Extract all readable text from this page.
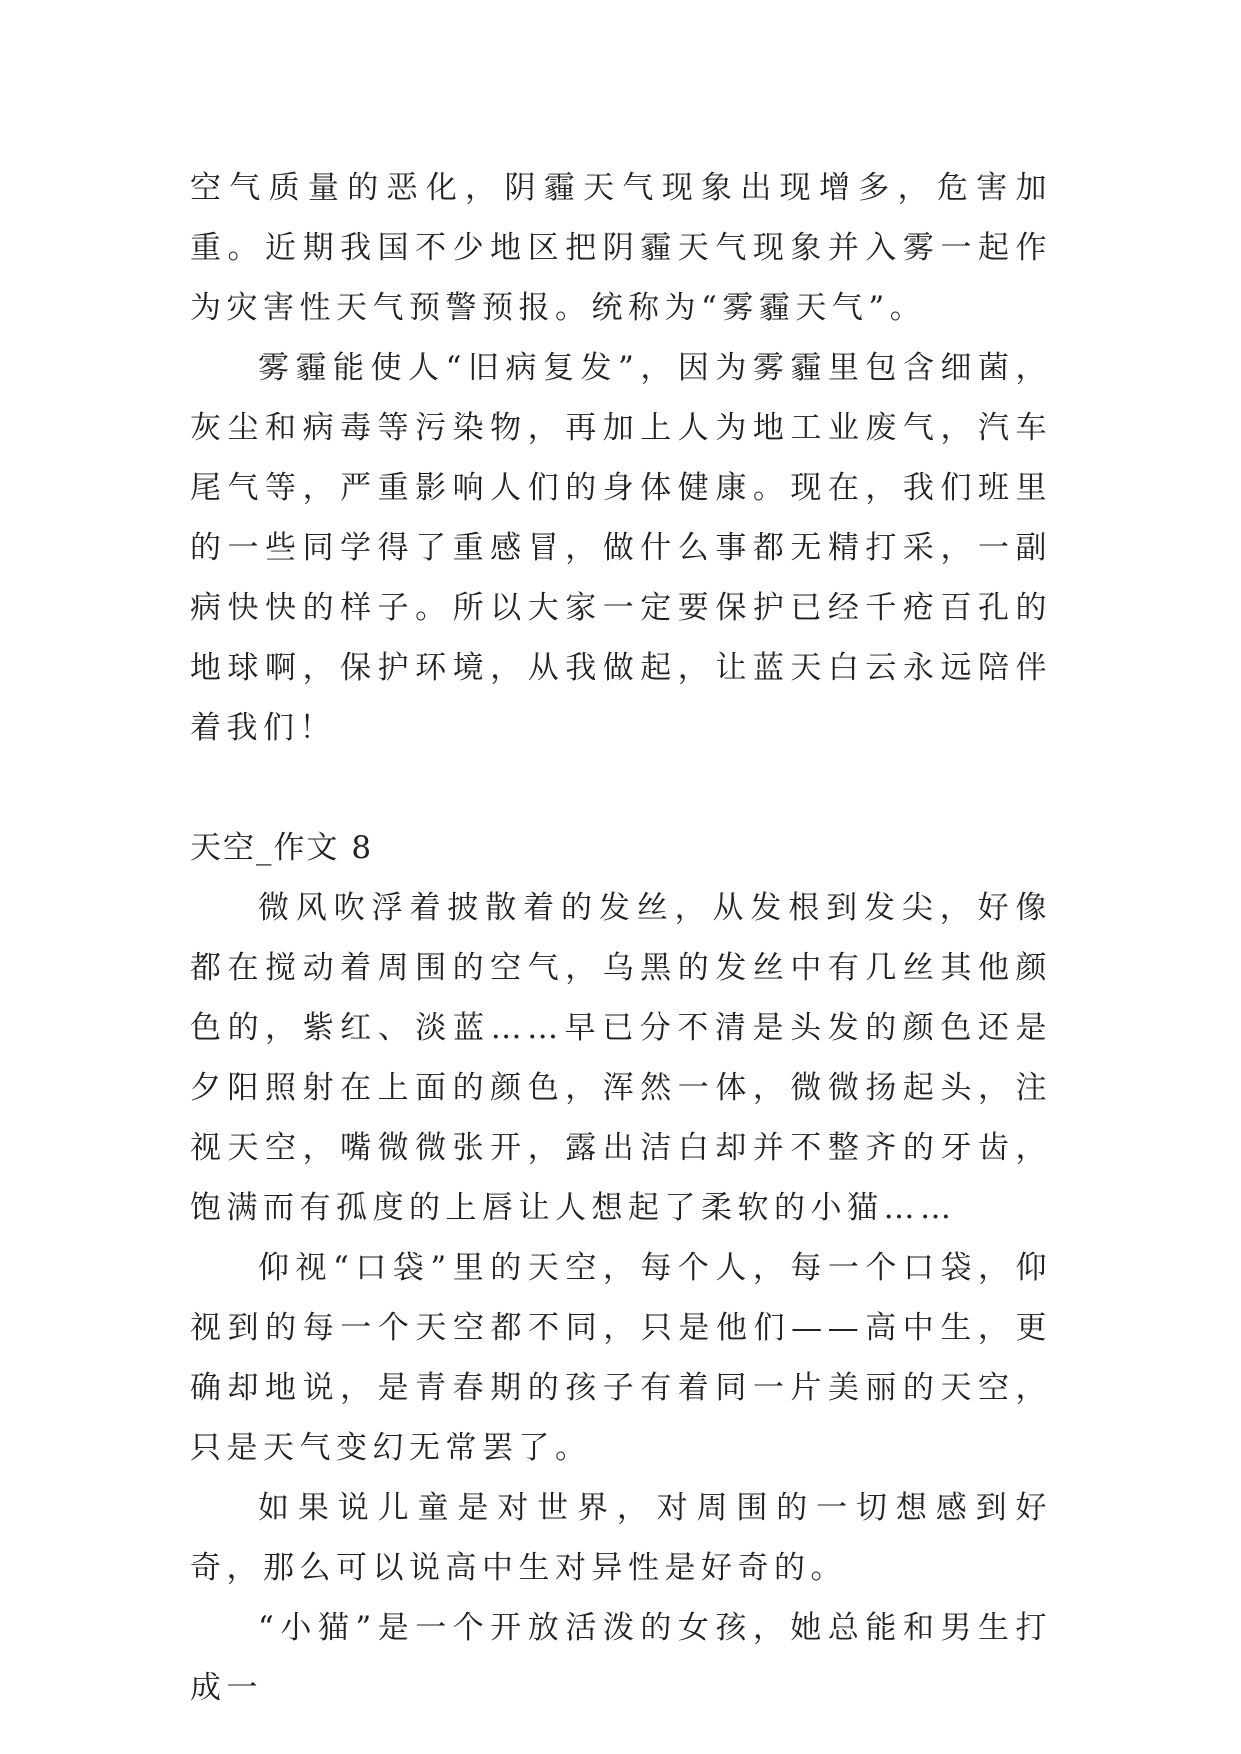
空气质量的恶化，阴霾天气现象出现增多，危害加重。近期我国不少地区把阴霾天气现象并入雾一起作为灾害性天气预警预报。统称为“雾霾天气”。

雾霾能使人“旧病复发”，因为雾霾里包含细菌，灰尘和病毒等污染物，再加上人为地工业废气，汽车尾气等，严重影响人们的身体健康。现在，我们班里的一些同学得了重感冒，做什么事都无精打采，一副病快快的样子。所以大家一定要保护已经千疮百孔的地球啊，保护环境，从我做起，让蓝天白云永远陪伴着我们！

天空_作文 8

微风吹浮着披散着的发丝，从发根到发尖，好像都在搅动着周围的空气，乌黑的发丝中有几丝其他颜色的，紫红、淡蓝……早已分不清是头发的颜色还是夕阳照射在上面的颜色，浑然一体，微微扬起头，注视天空，嘴微微张开，露出洁白却并不整齐的牙齿，饱满而有孤度的上唇让人想起了柔软的小猫……

仰视“口袋”里的天空，每个人，每一个口袋，仰视到的每一个天空都不同，只是他们——高中生，更确却地说，是青春期的孩子有着同一片美丽的天空，只是天气变幻无常罢了。

如果说儿童是对世界，对周围的一切想感到好奇，那么可以说高中生对异性是好奇的。

“小猫”是一个开放活泼的女孩，她总能和男生打成一
